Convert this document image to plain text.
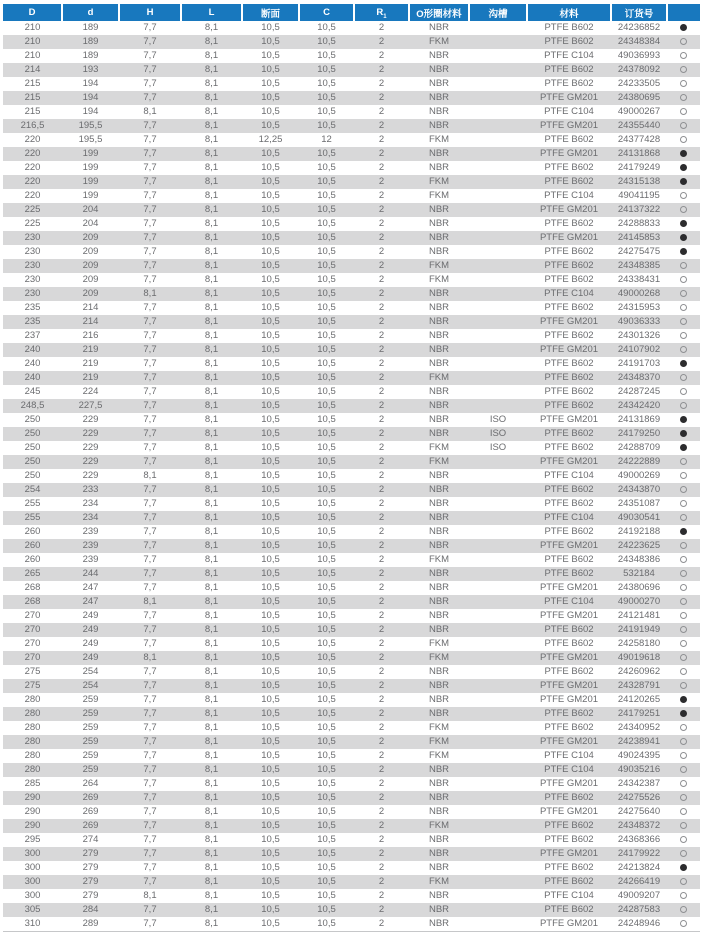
D	d	H	L	断面	C	$R_1$	O形圈材料	沟槽	材料	订货号	
210	189	7,7	8,1	10,5	10,5	2	NBR		PTFE B602	24236852	
210	189	7,7	8,1	10,5	10,5	2	FKM		PTFE B602	24348384	
210	189	7,7	8,1	10,5	10,5	2	NBR		PTFE C104	49036993	
214	193	7,7	8,1	10,5	10,5	2	NBR		PTFE B602	24378092	
215	194	7,7	8,1	10,5	10,5	2	NBR		PTFE B602	24233505	
215	194	7,7	8,1	10,5	10,5	2	NBR		PTFE GM201	24380695	
215	194	8,1	8,1	10,5	10,5	2	NBR		PTFE C104	49000267	
216,5	195,5	7,7	8,1	10,5	10,5	2	NBR		PTFE GM201	24355440	
220	195,5	7,7	8,1	12,25	12	2	FKM		PTFE B602	24377428	
220	199	7,7	8,1	10,5	10,5	2	NBR		PTFE GM201	24131868	
220	199	7,7	8,1	10,5	10,5	2	NBR		PTFE B602	24179249	
220	199	7,7	8,1	10,5	10,5	2	FKM		PTFE B602	24315138	
220	199	7,7	8,1	10,5	10,5	2	FKM		PTFE C104	49041195	
225	204	7,7	8,1	10,5	10,5	2	NBR		PTFE GM201	24137322	
225	204	7,7	8,1	10,5	10,5	2	NBR		PTFE B602	24288833	
230	209	7,7	8,1	10,5	10,5	2	NBR		PTFE GM201	24145853	
230	209	7,7	8,1	10,5	10,5	2	NBR		PTFE B602	24275475	
230	209	7,7	8,1	10,5	10,5	2	FKM		PTFE B602	24348385	
230	209	7,7	8,1	10,5	10,5	2	FKM		PTFE B602	24338431	
230	209	8,1	8,1	10,5	10,5	2	NBR		PTFE C104	49000268	
235	214	7,7	8,1	10,5	10,5	2	NBR		PTFE B602	24315953	
235	214	7,7	8,1	10,5	10,5	2	NBR		PTFE GM201	49036333	
237	216	7,7	8,1	10,5	10,5	2	NBR		PTFE B602	24301326	
240	219	7,7	8,1	10,5	10,5	2	NBR		PTFE GM201	24107902	
240	219	7,7	8,1	10,5	10,5	2	NBR		PTFE B602	24191703	
240	219	7,7	8,1	10,5	10,5	2	FKM		PTFE B602	24348370	
245	224	7,7	8,1	10,5	10,5	2	NBR		PTFE B602	24287245	
248,5	227,5	7,7	8,1	10,5	10,5	2	NBR		PTFE B602	24342420	
250	229	7,7	8,1	10,5	10,5	2	NBR	ISO	PTFE GM201	24131869	
250	229	7,7	8,1	10,5	10,5	2	NBR	ISO	PTFE B602	24179250	
250	229	7,7	8,1	10,5	10,5	2	FKM	ISO	PTFE B602	24288709	
250	229	7,7	8,1	10,5	10,5	2	FKM		PTFE GM201	24222889	
250	229	8,1	8,1	10,5	10,5	2	NBR		PTFE C104	49000269	
254	233	7,7	8,1	10,5	10,5	2	NBR		PTFE B602	24343870	
255	234	7,7	8,1	10,5	10,5	2	NBR		PTFE B602	24351087	
255	234	7,7	8,1	10,5	10,5	2	NBR		PTFE C104	49030541	
260	239	7,7	8,1	10,5	10,5	2	NBR		PTFE B602	24192188	
260	239	7,7	8,1	10,5	10,5	2	NBR		PTFE GM201	24223625	
260	239	7,7	8,1	10,5	10,5	2	FKM		PTFE B602	24348386	
265	244	7,7	8,1	10,5	10,5	2	NBR		PTFE B602	532184	
268	247	7,7	8,1	10,5	10,5	2	NBR		PTFE GM201	24380696	
268	247	8,1	8,1	10,5	10,5	2	NBR		PTFE C104	49000270	
270	249	7,7	8,1	10,5	10,5	2	NBR		PTFE GM201	24121481	
270	249	7,7	8,1	10,5	10,5	2	NBR		PTFE B602	24191949	
270	249	7,7	8,1	10,5	10,5	2	FKM		PTFE B602	24258180	
270	249	8,1	8,1	10,5	10,5	2	FKM		PTFE GM201	49019618	
275	254	7,7	8,1	10,5	10,5	2	NBR		PTFE B602	24260962	
275	254	7,7	8,1	10,5	10,5	2	NBR		PTFE GM201	24328791	
280	259	7,7	8,1	10,5	10,5	2	NBR		PTFE GM201	24120265	
280	259	7,7	8,1	10,5	10,5	2	NBR		PTFE B602	24179251	
280	259	7,7	8,1	10,5	10,5	2	FKM		PTFE B602	24340952	
280	259	7,7	8,1	10,5	10,5	2	FKM		PTFE GM201	24238941	
280	259	7,7	8,1	10,5	10,5	2	FKM		PTFE C104	49024395	
280	259	7,7	8,1	10,5	10,5	2	NBR		PTFE C104	49035216	
285	264	7,7	8,1	10,5	10,5	2	NBR		PTFE GM201	24342387	
290	269	7,7	8,1	10,5	10,5	2	NBR		PTFE B602	24275526	
290	269	7,7	8,1	10,5	10,5	2	NBR		PTFE GM201	24275640	
290	269	7,7	8,1	10,5	10,5	2	FKM		PTFE B602	24348372	
295	274	7,7	8,1	10,5	10,5	2	NBR		PTFE B602	24368366	
300	279	7,7	8,1	10,5	10,5	2	NBR		PTFE GM201	24179922	
300	279	7,7	8,1	10,5	10,5	2	NBR		PTFE B602	24213824	
300	279	7,7	8,1	10,5	10,5	2	FKM		PTFE B602	24266419	
300	279	8,1	8,1	10,5	10,5	2	NBR		PTFE C104	49009207	
305	284	7,7	8,1	10,5	10,5	2	NBR		PTFE B602	24287583	
310	289	7,7	8,1	10,5	10,5	2	NBR		PTFE GM201	24248946	
